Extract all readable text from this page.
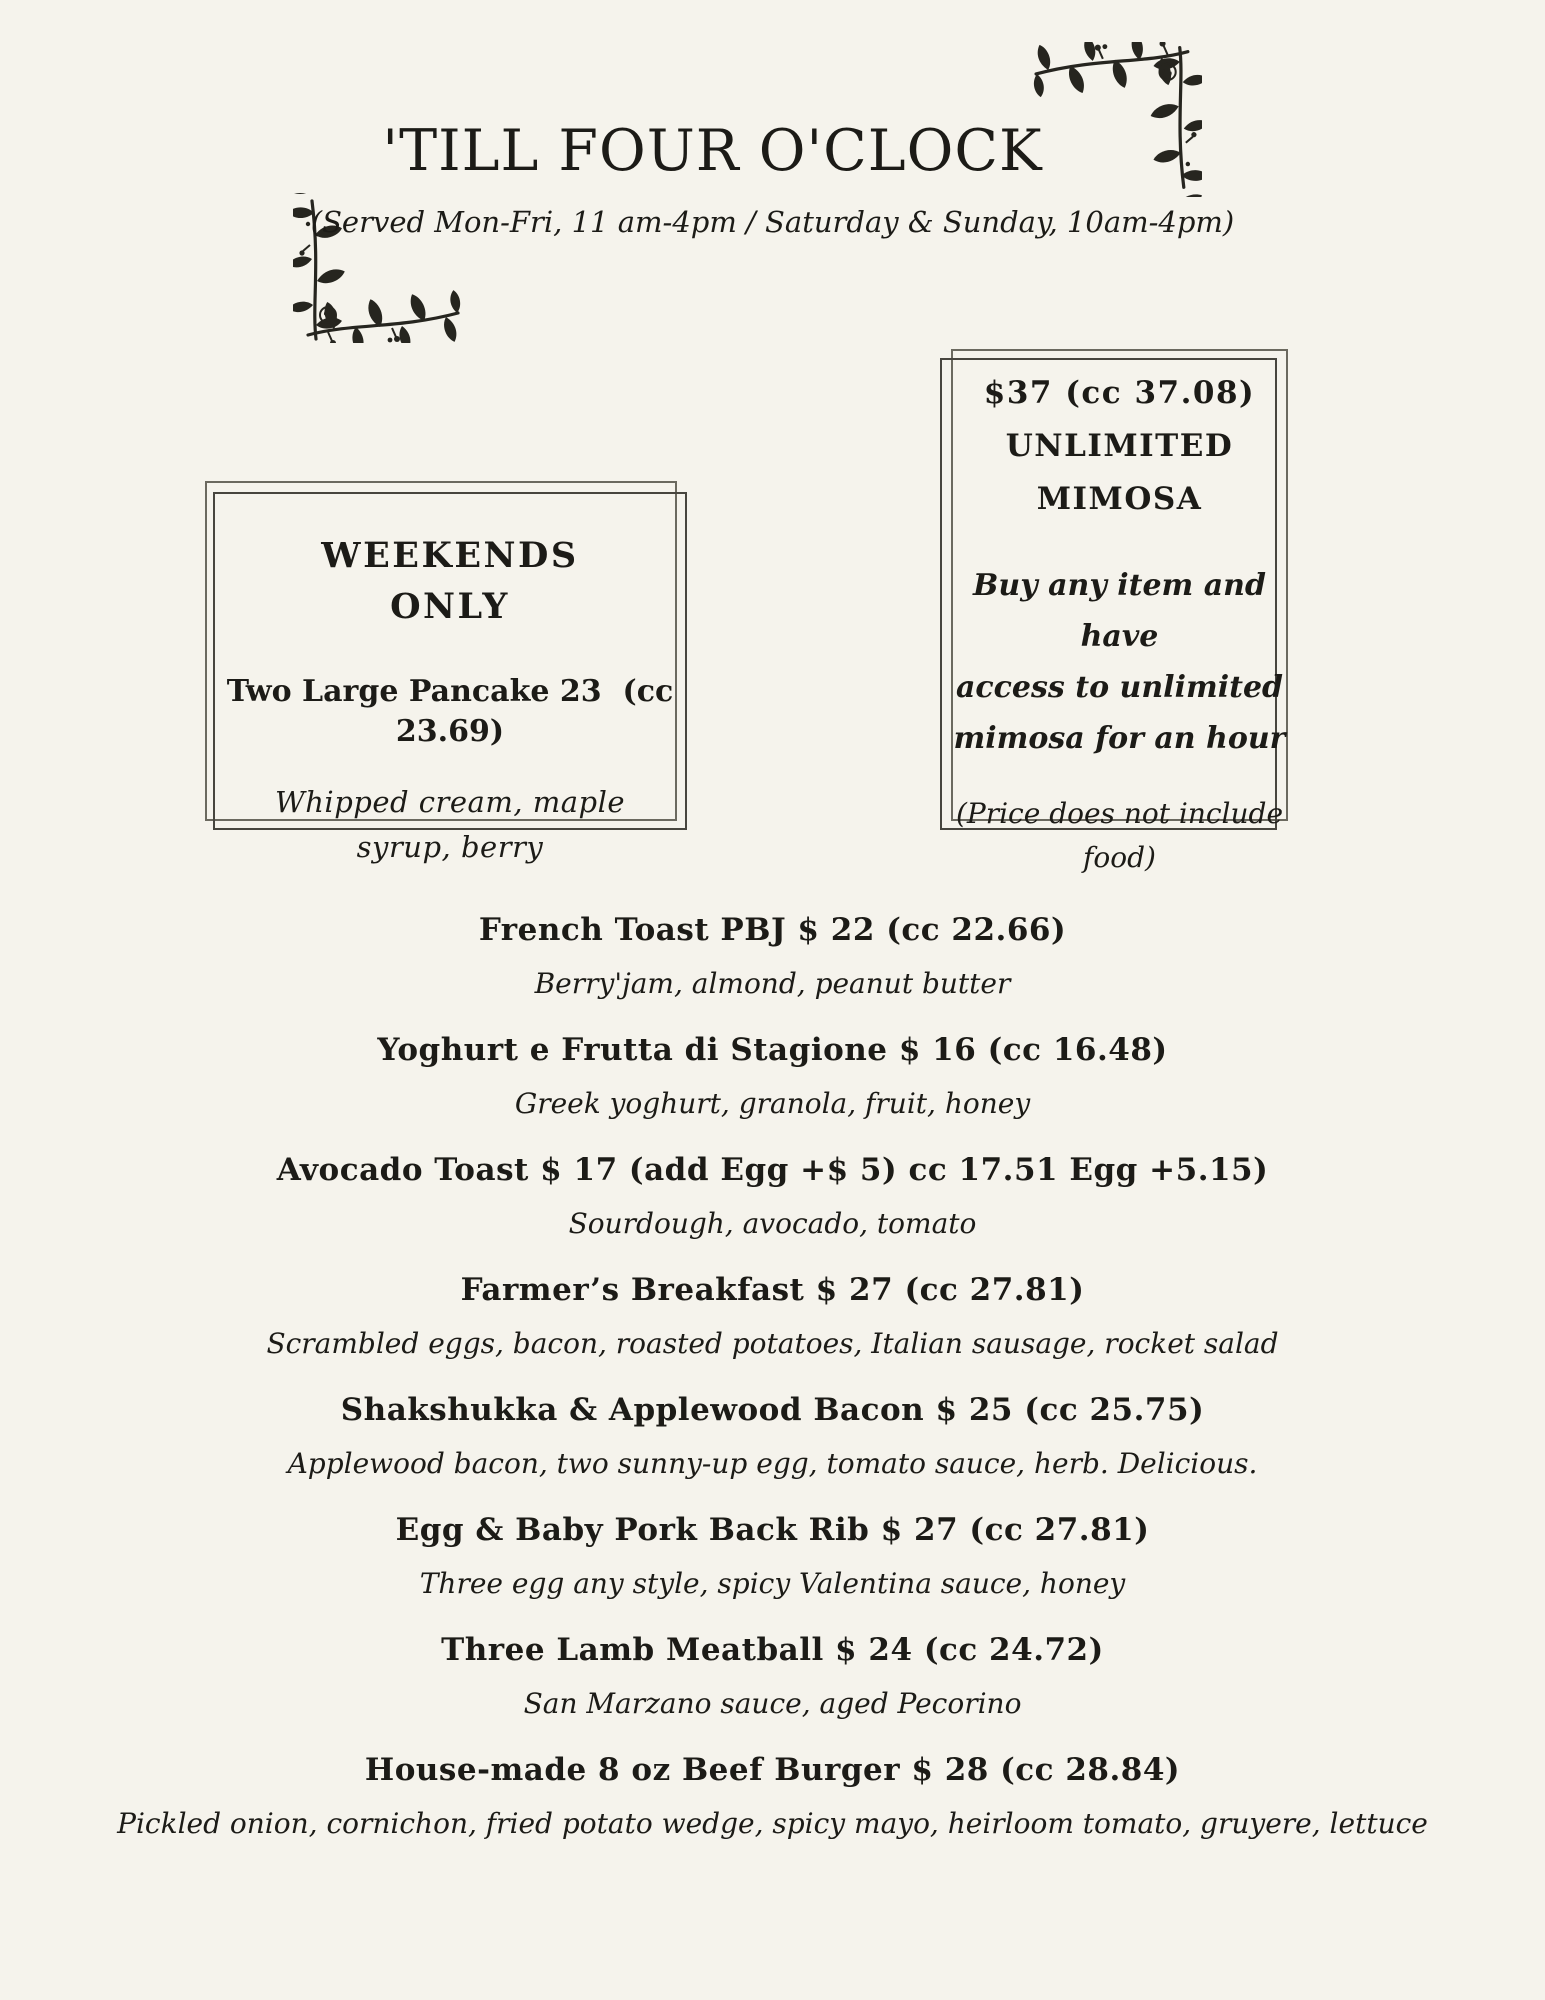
'TILL FOUR O'CLOCK
(Served Mon-Fri, 11 am-4pm / Saturday & Sunday, 10am-4pm)
WEEKENDS
ONLY
Two Large Pancake 23  (cc 23.69)
Whipped cream, maple
syrup, berry
$37 (cc 37.08)
UNLIMITED
MIMOSA
Buy any item and have
access to unlimited
mimosa for an hour
(Price does not include
food)
French Toast PBJ $ 22 (cc 22.66)
Berry'jam, almond, peanut butter
Yoghurt e Frutta di Stagione $ 16 (cc 16.48)
Greek yoghurt, granola, fruit, honey
Avocado Toast $ 17 (add Egg +$ 5) cc 17.51 Egg +5.15)
Sourdough, avocado, tomato
Farmer’s Breakfast $ 27 (cc 27.81)
Scrambled eggs, bacon, roasted potatoes, Italian sausage, rocket salad
Shakshukka & Applewood Bacon $ 25 (cc 25.75)
Applewood bacon, two sunny-up egg, tomato sauce, herb. Delicious.
Egg & Baby Pork Back Rib $ 27 (cc 27.81)
Three egg any style, spicy Valentina sauce, honey
Three Lamb Meatball $ 24 (cc 24.72)
San Marzano sauce, aged Pecorino
House-made 8 oz Beef Burger $ 28 (cc 28.84)
Pickled onion, cornichon, fried potato wedge, spicy mayo, heirloom tomato, gruyere, lettuce
